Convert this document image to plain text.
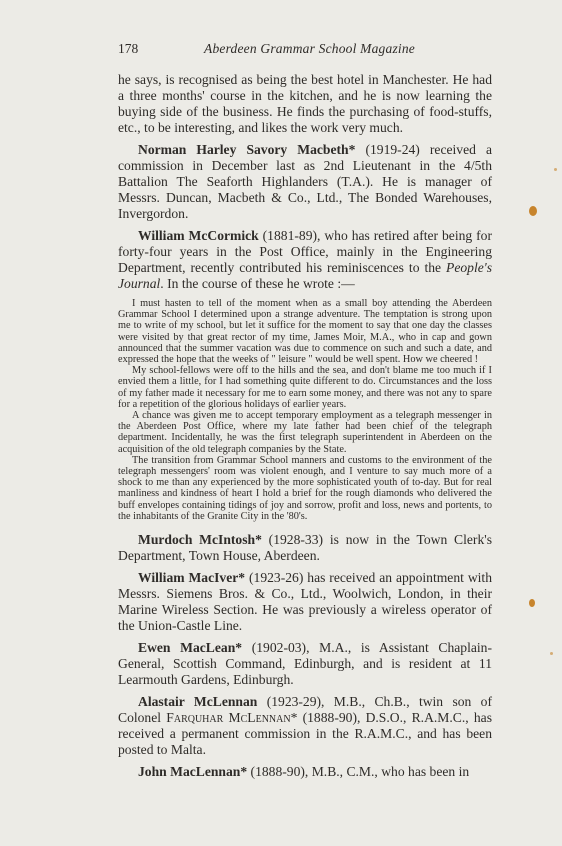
178	Aberdeen Grammar School Magazine

he says, is recognised as being the best hotel in Manchester. He had a three months' course in the kitchen, and he is now learning the buying side of the business. He finds the purchasing of food-stuffs, etc., to be interesting, and likes the work very much.

Norman Harley Savory Macbeth* (1919-24) received a commission in December last as 2nd Lieutenant in the 4/5th Battalion The Seaforth Highlanders (T.A.). He is manager of Messrs. Duncan, Macbeth & Co., Ltd., The Bonded Warehouses, Invergordon.

William McCormick (1881-89), who has retired after being for forty-four years in the Post Office, mainly in the Engineering Department, recently contributed his reminiscences to the People's Journal. In the course of these he wrote :—

I must hasten to tell of the moment when as a small boy attending the Aberdeen Grammar School I determined upon a strange adventure. The temptation is strong upon me to write of my school, but let it suffice for the moment to say that one day the classes were visited by that great rector of my time, James Moir, M.A., who in cap and gown announced that the summer vacation was due to commence on such and such a date, and expressed the hope that the weeks of " leisure " would be well spent. How we cheered !

My school-fellows were off to the hills and the sea, and don't blame me too much if I envied them a little, for I had something quite different to do. Circumstances and the loss of my father made it necessary for me to earn some money, and there was not any to spare for a repetition of the glorious holidays of earlier years.

A chance was given me to accept temporary employment as a telegraph messenger in the Aberdeen Post Office, where my late father had been chief of the telegraph department. Incidentally, he was the first telegraph superintendent in Aberdeen on the acquisition of the old telegraph companies by the State.

The transition from Grammar School manners and customs to the environment of the telegraph messengers' room was violent enough, and I venture to say much more of a shock to me than any experienced by the more sophisticated youth of to-day. But for real manliness and kindness of heart I hold a brief for the rough diamonds who delivered the buff envelopes containing tidings of joy and sorrow, profit and loss, news and portents, to the inhabitants of the Granite City in the '80's.

Murdoch McIntosh* (1928-33) is now in the Town Clerk's Department, Town House, Aberdeen.

William MacIver* (1923-26) has received an appointment with Messrs. Siemens Bros. & Co., Ltd., Woolwich, London, in their Marine Wireless Section. He was previously a wireless operator of the Union-Castle Line.

Ewen MacLean* (1902-03), M.A., is Assistant Chaplain-General, Scottish Command, Edinburgh, and is resident at 11 Learmouth Gardens, Edinburgh.

Alastair McLennan (1923-29), M.B., Ch.B., twin son of Colonel Farquhar McLennan* (1888-90), D.S.O., R.A.M.C., has received a permanent commission in the R.A.M.C., and has been posted to Malta.

John MacLennan* (1888-90), M.B., C.M., who has been in
